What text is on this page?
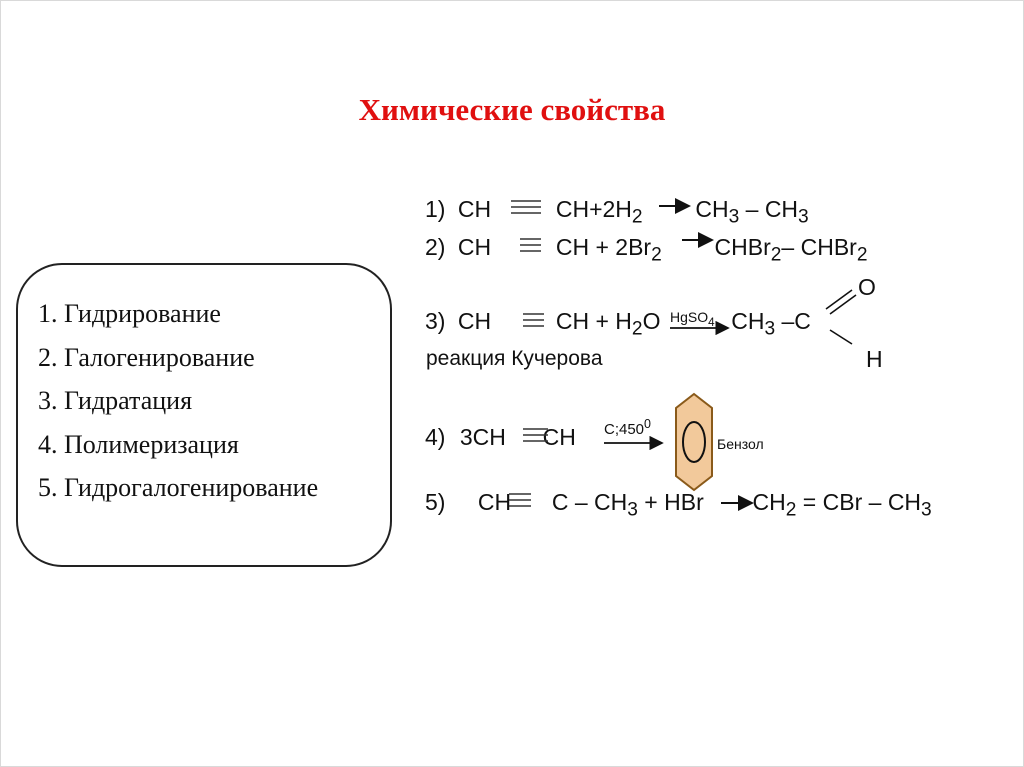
Химические свойства
1. Гидрирование
2. Галогенирование
3. Гидратация
4. Полимеризация
5. Гидрогалогенирование
1) CH	$CH+2H_2$ $CH_3 - CH_3$
2) CH	CH + $2Br_2$ CHBr$_2$– CHBr$_2$
3) CH	CH + $H_2O$	$CH_3$ –C
HgSO$_4$
O
H
реакция Кучерова
4) 3CH CH $C;450^0$
Бензол
5) CH C – $CH_3$ + HBr $CH_2$ = CBr – $CH_3$
